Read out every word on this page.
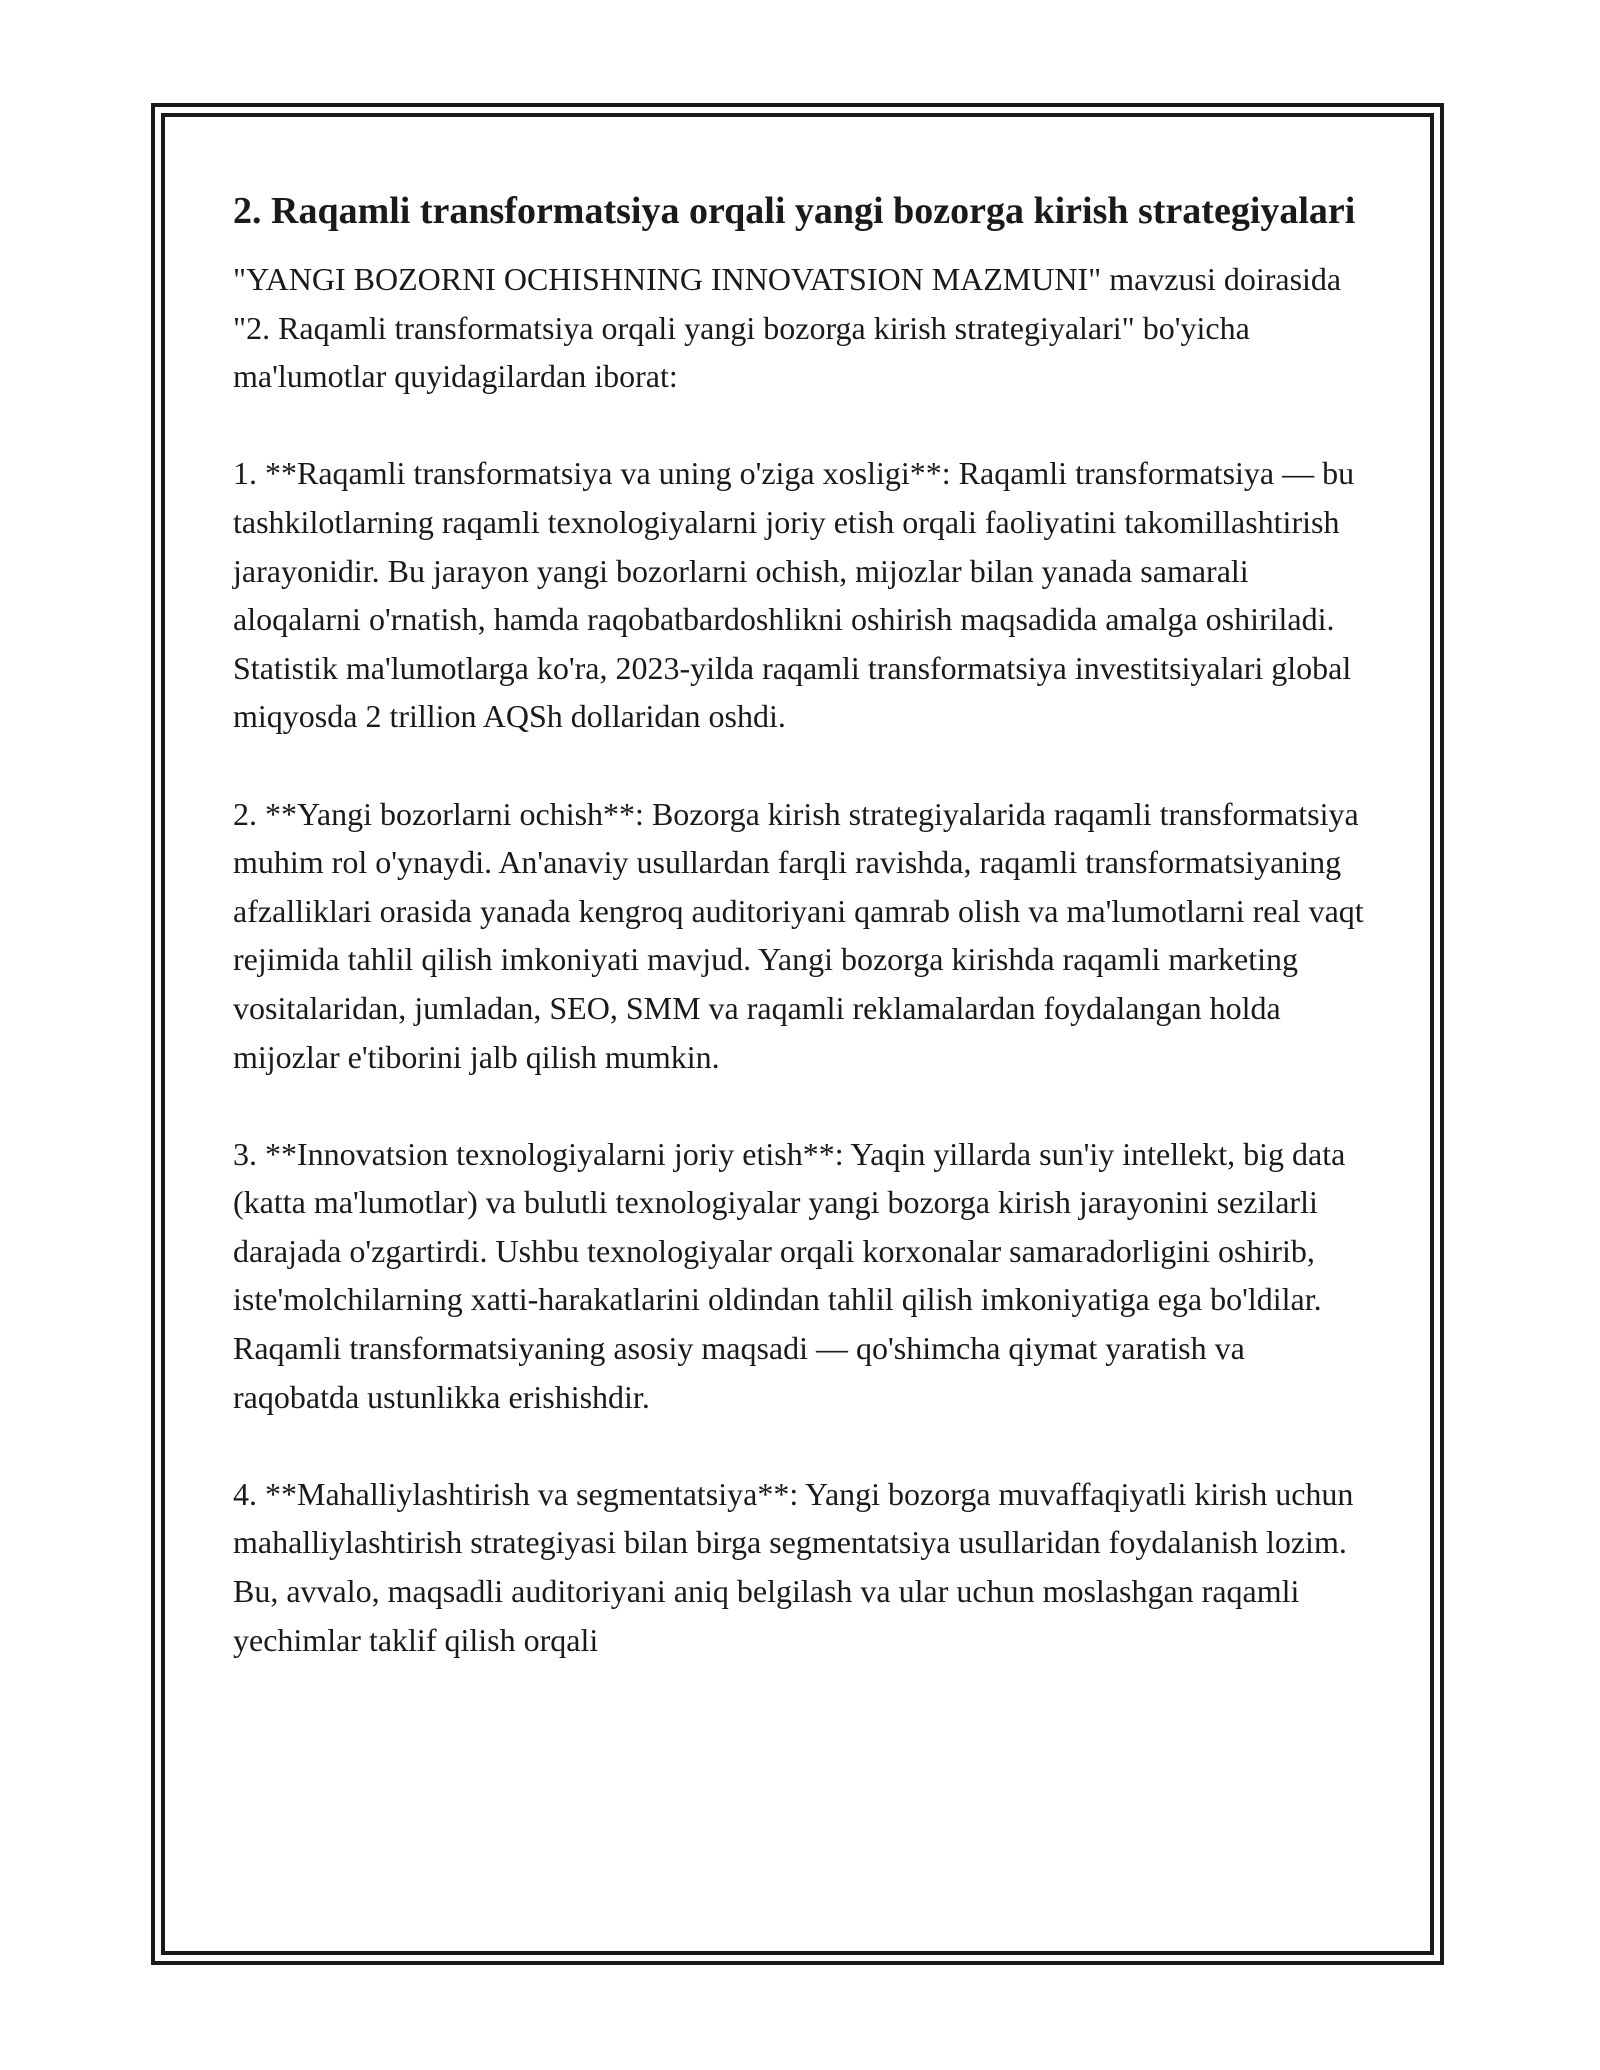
2. Raqamli transformatsiya orqali yangi bozorga kirish strategiyalari

"YANGI BOZORNI OCHISHNING INNOVATSION MAZMUNI" mavzusi doirasida "2. Raqamli transformatsiya orqali yangi bozorga kirish strategiyalari" bo'yicha ma'lumotlar quyidagilardan iborat:

1. **Raqamli transformatsiya va uning o'ziga xosligi**: Raqamli transformatsiya — bu tashkilotlarning raqamli texnologiyalarni joriy etish orqali faoliyatini takomillashtirish jarayonidir. Bu jarayon yangi bozorlarni ochish, mijozlar bilan yanada samarali aloqalarni o'rnatish, hamda raqobatbardoshlikni oshirish maqsadida amalga oshiriladi. Statistik ma'lumotlarga ko'ra, 2023-yilda raqamli transformatsiya investitsiyalari global miqyosda 2 trillion AQSh dollaridan oshdi.

2. **Yangi bozorlarni ochish**: Bozorga kirish strategiyalarida raqamli transformatsiya muhim rol o'ynaydi. An'anaviy usullardan farqli ravishda, raqamli transformatsiyaning afzalliklari orasida yanada kengroq auditoriyani qamrab olish va ma'lumotlarni real vaqt rejimida tahlil qilish imkoniyati mavjud. Yangi bozorga kirishda raqamli marketing vositalaridan, jumladan, SEO, SMM va raqamli reklamalardan foydalangan holda mijozlar e'tiborini jalb qilish mumkin.

3. **Innovatsion texnologiyalarni joriy etish**: Yaqin yillarda sun'iy intellekt, big data (katta ma'lumotlar) va bulutli texnologiyalar yangi bozorga kirish jarayonini sezilarli darajada o'zgartirdi. Ushbu texnologiyalar orqali korxonalar samaradorligini oshirib, iste'molchilarning xatti-harakatlarini oldindan tahlil qilish imkoniyatiga ega bo'ldilar. Raqamli transformatsiyaning asosiy maqsadi — qo'shimcha qiymat yaratish va raqobatda ustunlikka erishishdir.

4. **Mahalliylashtirish va segmentatsiya**: Yangi bozorga muvaffaqiyatli kirish uchun mahalliylashtirish strategiyasi bilan birga segmentatsiya usullaridan foydalanish lozim. Bu, avvalo, maqsadli auditoriyani aniq belgilash va ular uchun moslashgan raqamli yechimlar taklif qilish orqali
